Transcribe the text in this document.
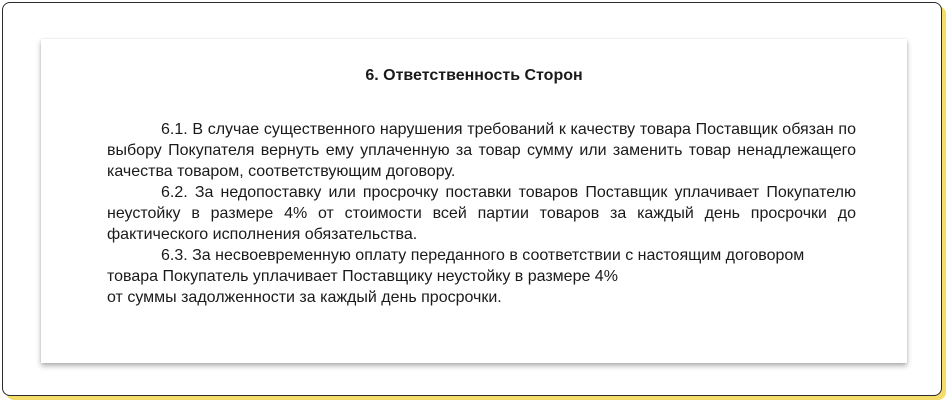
6. Ответственность Сторон

6.1. В случае существенного нарушения требований к качеству товара Поставщик обязан по выбору Покупателя вернуть ему уплаченную за товар сумму или заменить товар ненадлежащего качества товаром, соответствующим договору.

6.2. За недопоставку или просрочку поставки товаров Поставщик уплачивает Покупателю неустойку в размере 4% от стоимости всей партии товаров за каждый день просрочки до фактического исполнения обязательства.

6.3. За несвоевременную оплату переданного в соответствии с настоящим договором товара Покупатель уплачивает Поставщику неустойку в размере 4%
от суммы задолженности за каждый день просрочки.
